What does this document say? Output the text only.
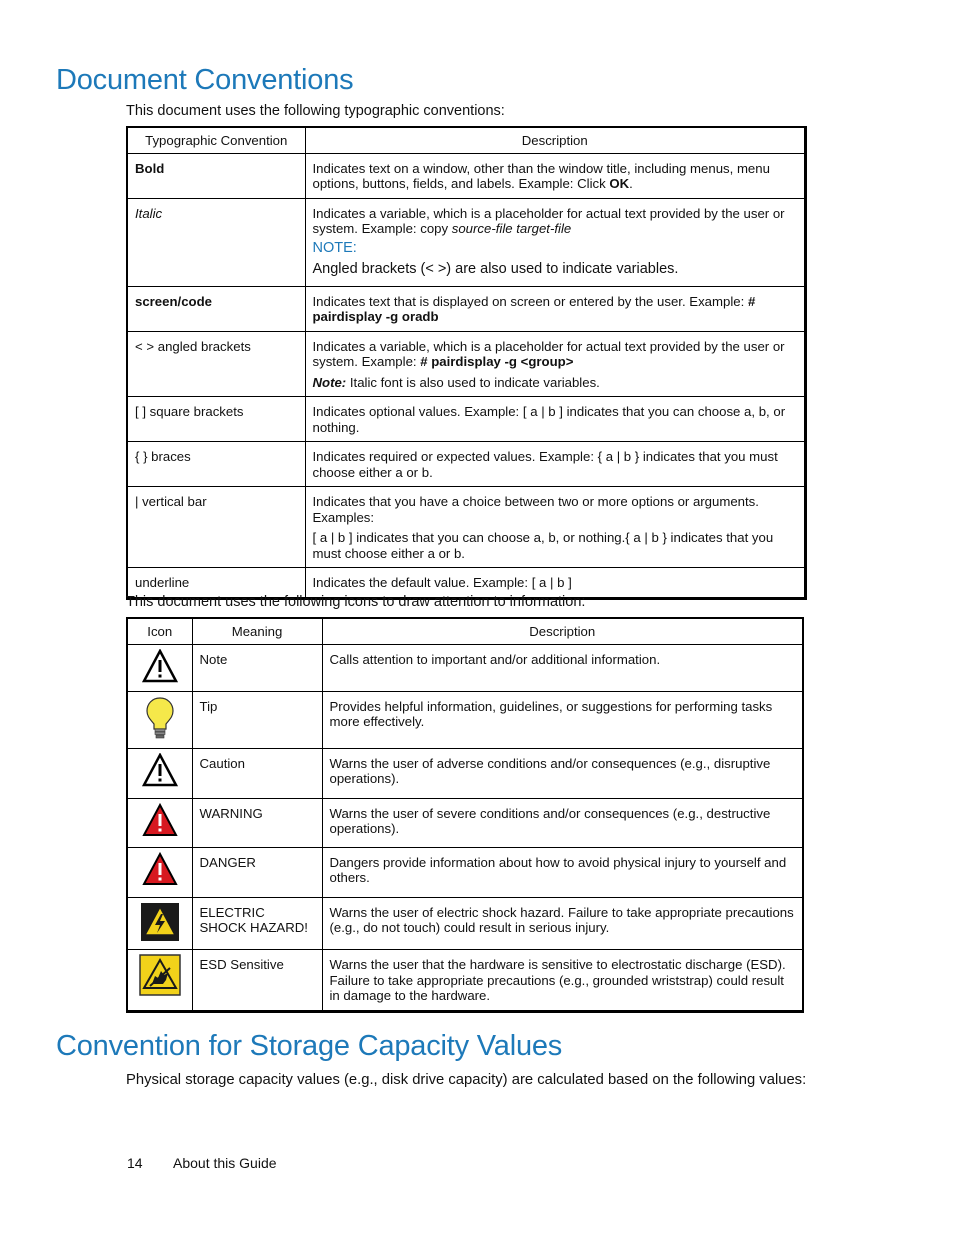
Document Conventions
This document uses the following typographic conventions:
Typographic Convention	Description
Bold	Indicates text on a window, other than the window title, including menus, menu options, buttons, fields, and labels. Example: Click OK.
Italic	Indicates a variable, which is a placeholder for actual text provided by the user or system. Example: copy source-file target-file
NOTE:
Angled brackets (< >) are also used to indicate variables.

screen/code	Indicates text that is displayed on screen or entered by the user. Example: # pairdisplay -g oradb
< > angled brackets	Indicates a variable, which is a placeholder for actual text provided by the user or system. Example: # pairdisplay -g <group>
Note: Italic font is also used to indicate variables.

[ ] square brackets	Indicates optional values. Example: [ a | b ] indicates that you can choose a, b, or nothing.
{ } braces	Indicates required or expected values. Example: { a | b } indicates that you must choose either a or b.
| vertical bar	Indicates that you have a choice between two or more options or arguments. Examples:
[ a | b ] indicates that you can choose a, b, or nothing.{ a | b } indicates that you must choose either a or b.

underline	Indicates the default value. Example: [ a | b ]
This document uses the following icons to draw attention to information:
Icon	Meaning	Description
	Note	Calls attention to important and/or additional information.
	Tip	Provides helpful information, guidelines, or suggestions for performing tasks more effectively.
	Caution	Warns the user of adverse conditions and/or consequences (e.g., disruptive operations).
	WARNING	Warns the user of severe conditions and/or consequences (e.g., destructive operations).
	DANGER	Dangers provide information about how to avoid physical injury to yourself and others.
	ELECTRIC SHOCK HAZARD!	Warns the user of electric shock hazard. Failure to take appropriate precautions (e.g., do not touch) could result in serious injury.
	ESD Sensitive	Warns the user that the hardware is sensitive to electrostatic discharge (ESD). Failure to take appropriate precautions (e.g., grounded wriststrap) could result in damage to the hardware.
Convention for Storage Capacity Values
Physical storage capacity values (e.g., disk drive capacity) are calculated based on the following values:
14 About this Guide
